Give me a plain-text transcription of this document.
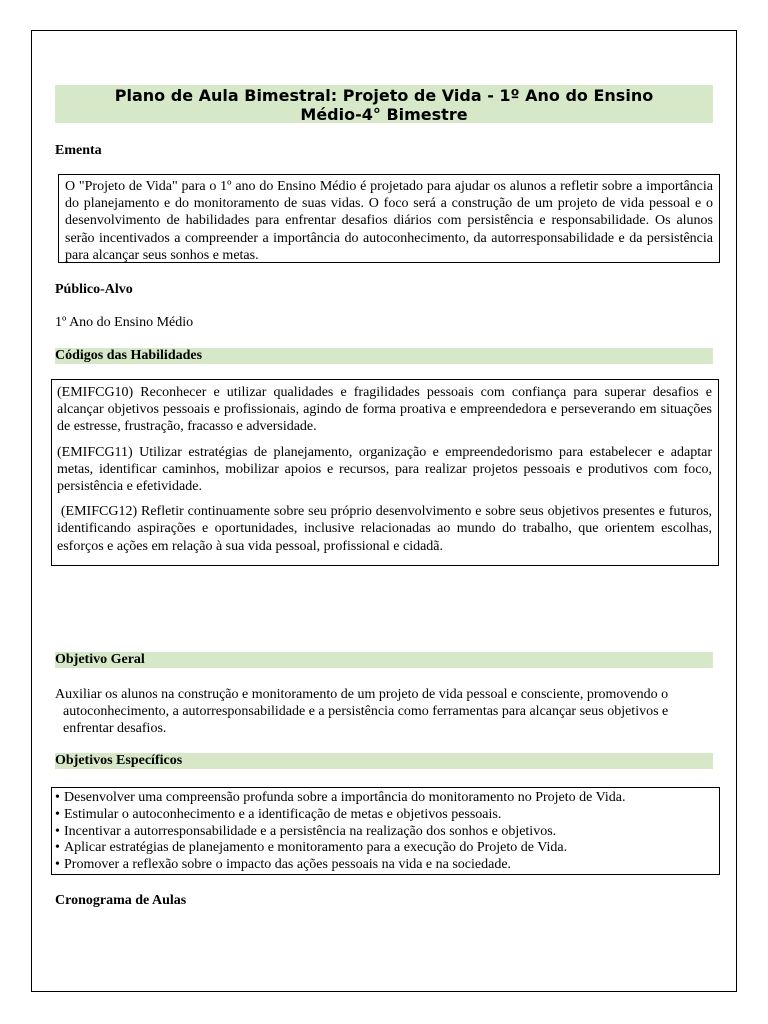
Plano de Aula Bimestral: Projeto de Vida - 1º Ano do Ensino
Médio-4° Bimestre
Ementa

O "Projeto de Vida" para o 1º ano do Ensino Médio é projetado para ajudar os alunos a refletir sobre a importância do planejamento e do monitoramento de suas vidas. O foco será a construção de um projeto de vida pessoal e o desenvolvimento de habilidades para enfrentar desafios diários com persistência e responsabilidade. Os alunos serão incentivados a compreender a importância do autoconhecimento, da autorresponsabilidade e da persistência para alcançar seus sonhos e metas.

Público-Alvo
1º Ano do Ensino Médio
Códigos das Habilidades

(EMIFCG10) Reconhecer e utilizar qualidades e fragilidades pessoais com confiança para superar desafios e alcançar objetivos pessoais e profissionais, agindo de forma proativa e empreendedora e perseverando em situações de estresse, frustração, fracasso e adversidade.

(EMIFCG11) Utilizar estratégias de planejamento, organização e empreendedorismo para estabelecer e adaptar metas, identificar caminhos, mobilizar apoios e recursos, para realizar projetos pessoais e produtivos com foco, persistência e efetividade.

(EMIFCG12) Refletir continuamente sobre seu próprio desenvolvimento e sobre seus objetivos presentes e futuros, identificando aspirações e oportunidades, inclusive relacionadas ao mundo do trabalho, que orientem escolhas, esforços e ações em relação à sua vida pessoal, profissional e cidadã.

Objetivo Geral
Auxiliar os alunos na construção e monitoramento de um projeto de vida pessoal e consciente, promovendo o autoconhecimento, a autorresponsabilidade e a persistência como ferramentas para alcançar seus objetivos e enfrentar desafios.
Objetivos Específicos
• Desenvolver uma compreensão profunda sobre a importância do monitoramento no Projeto de Vida.
• Estimular o autoconhecimento e a identificação de metas e objetivos pessoais.
• Incentivar a autorresponsabilidade e a persistência na realização dos sonhos e objetivos.
• Aplicar estratégias de planejamento e monitoramento para a execução do Projeto de Vida.
• Promover a reflexão sobre o impacto das ações pessoais na vida e na sociedade.
Cronograma de Aulas
